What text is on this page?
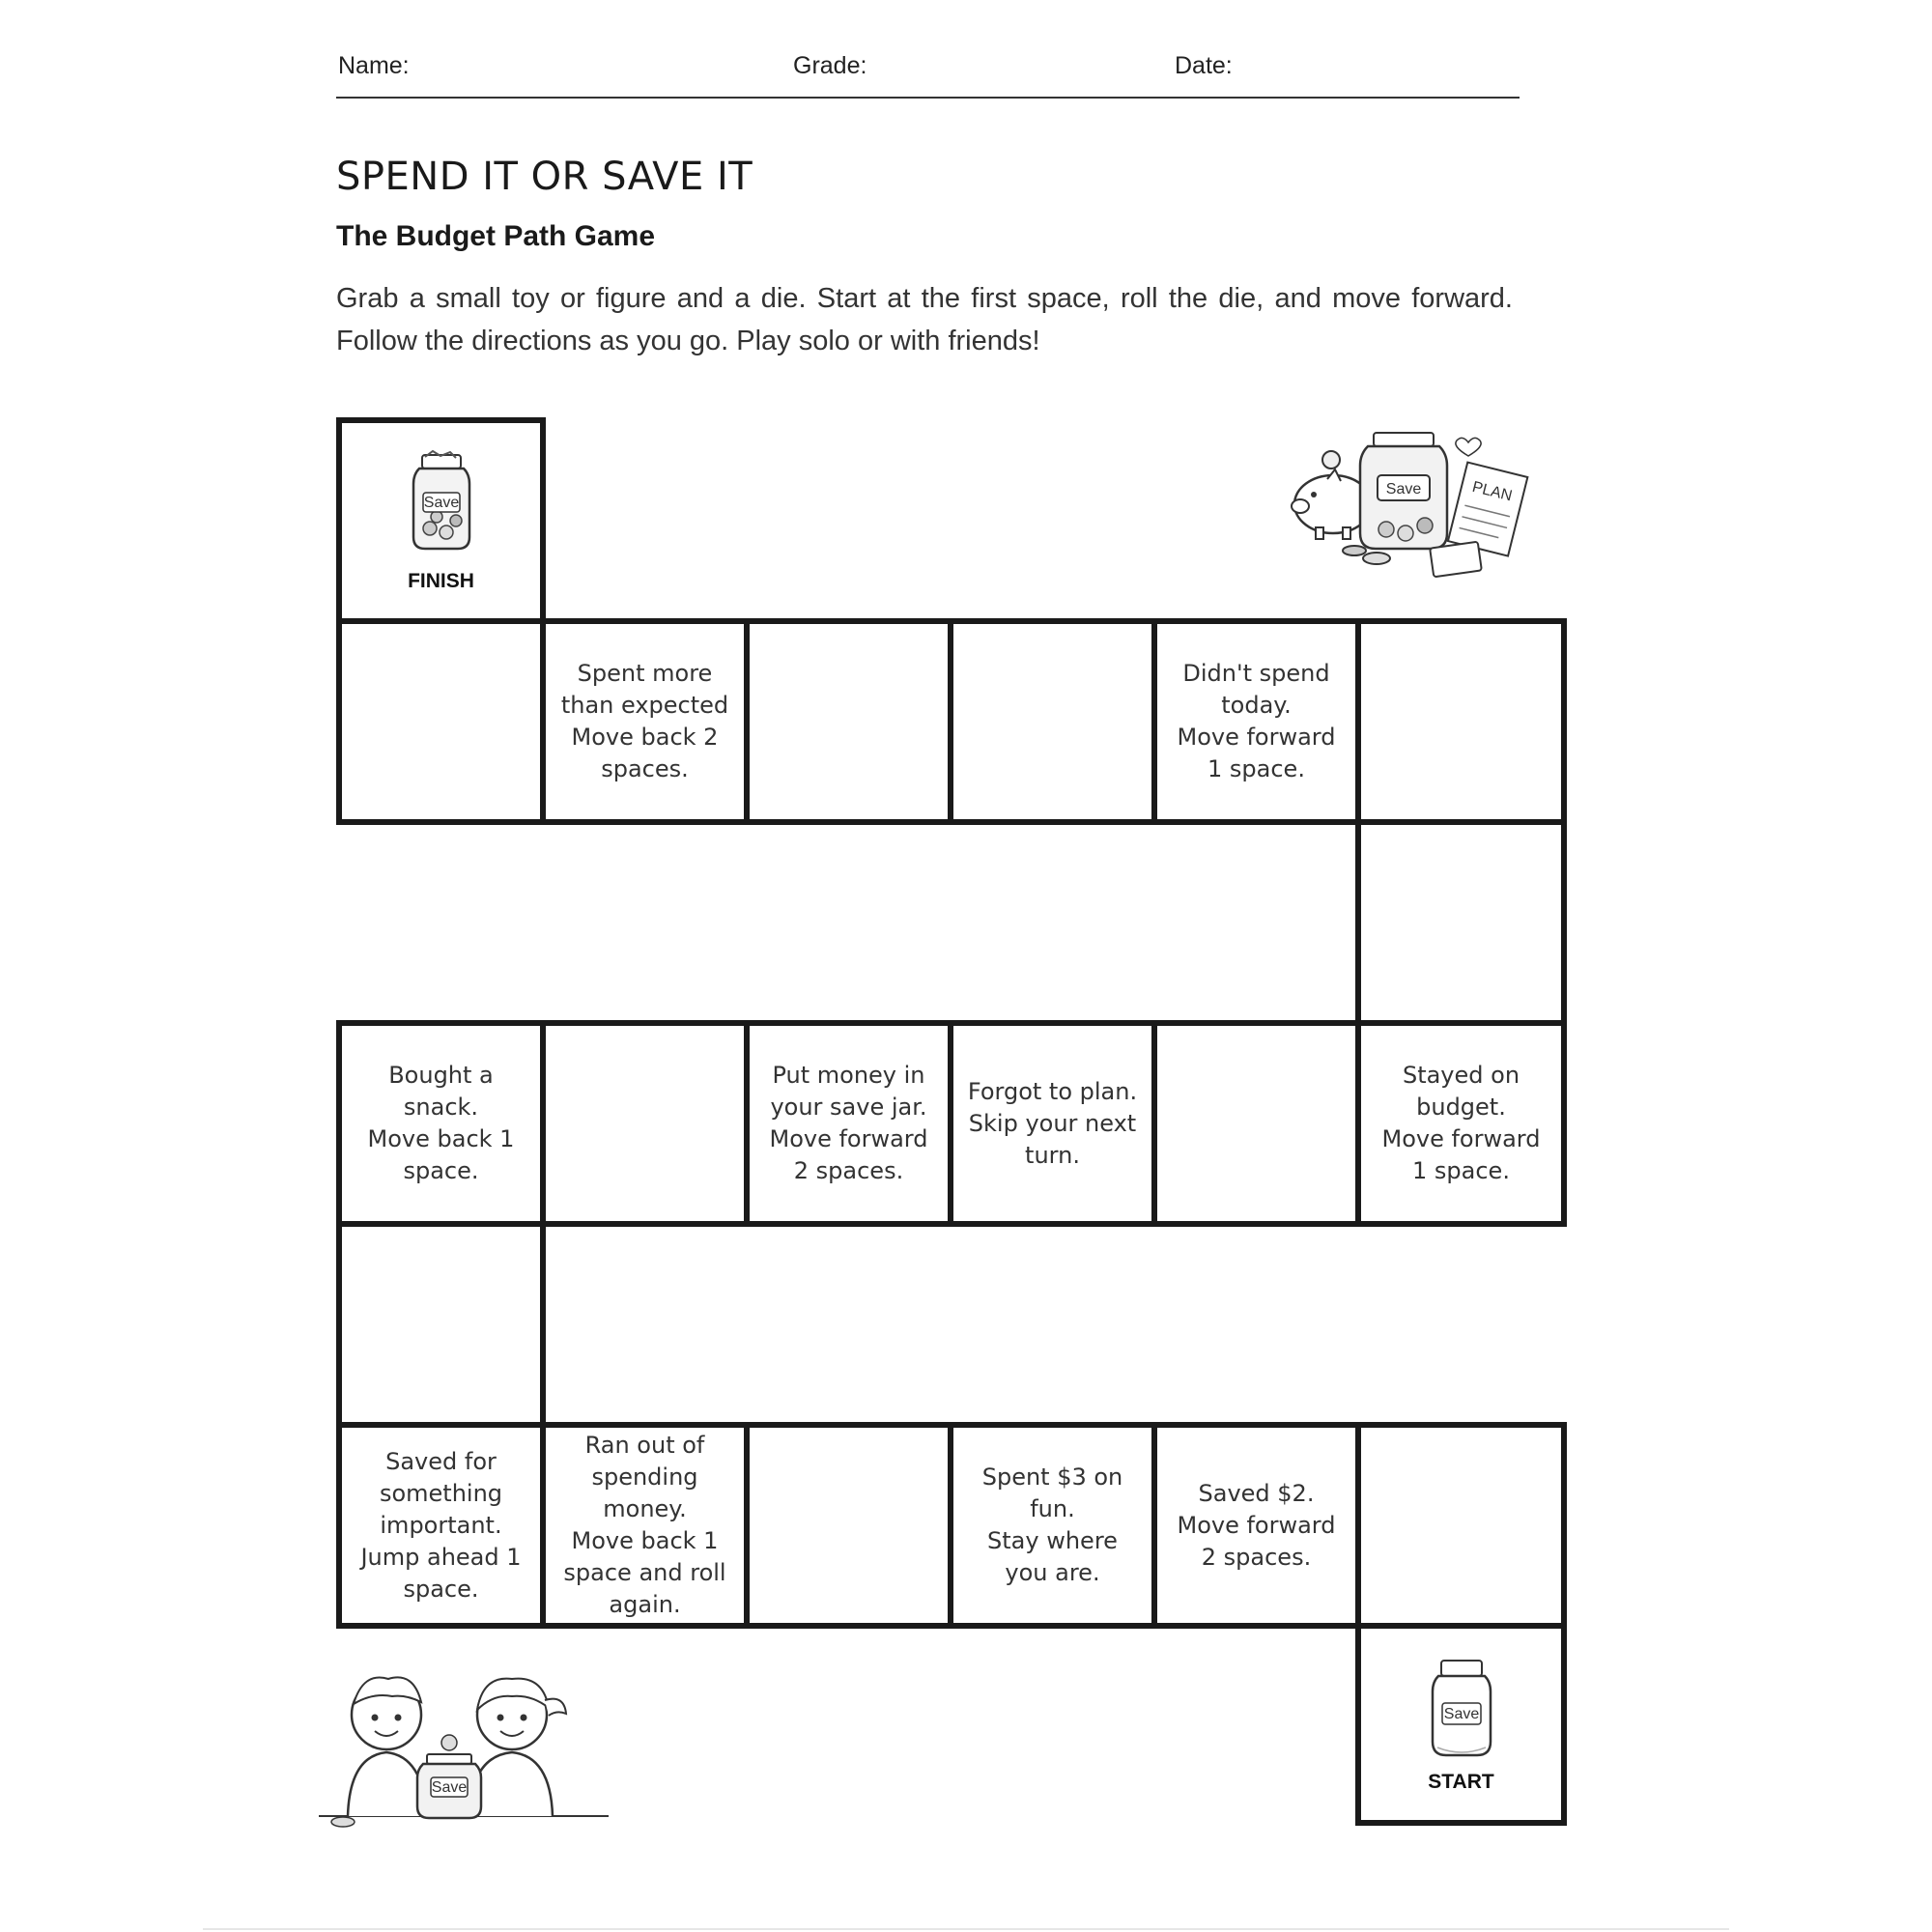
Name:	Grade:	Date:
SPEND IT OR SAVE IT
The Budget Path Game
Grab a small toy or figure and a die. Start at the first space, roll the die, and move forward. Follow the directions as you go. Play solo or with friends!
Save
FINISH
Spent more
than expected
Move back 2
spaces.
Didn't spend
today.
Move forward
1 space.
Bought a
snack.
Move back 1
space.
Put money in
your save jar.
Move forward
2 spaces.
Forgot to plan.
Skip your next
turn.
Stayed on
budget.
Move forward
1 space.
Saved for
something
important.
Jump ahead 1
space.
Ran out of
spending
money.
Move back 1
space and roll
again.
Spent $3 on
fun.
Stay where
you are.
Saved $2.
Move forward
2 spaces.
Save
START
Save	PLAN
Save
